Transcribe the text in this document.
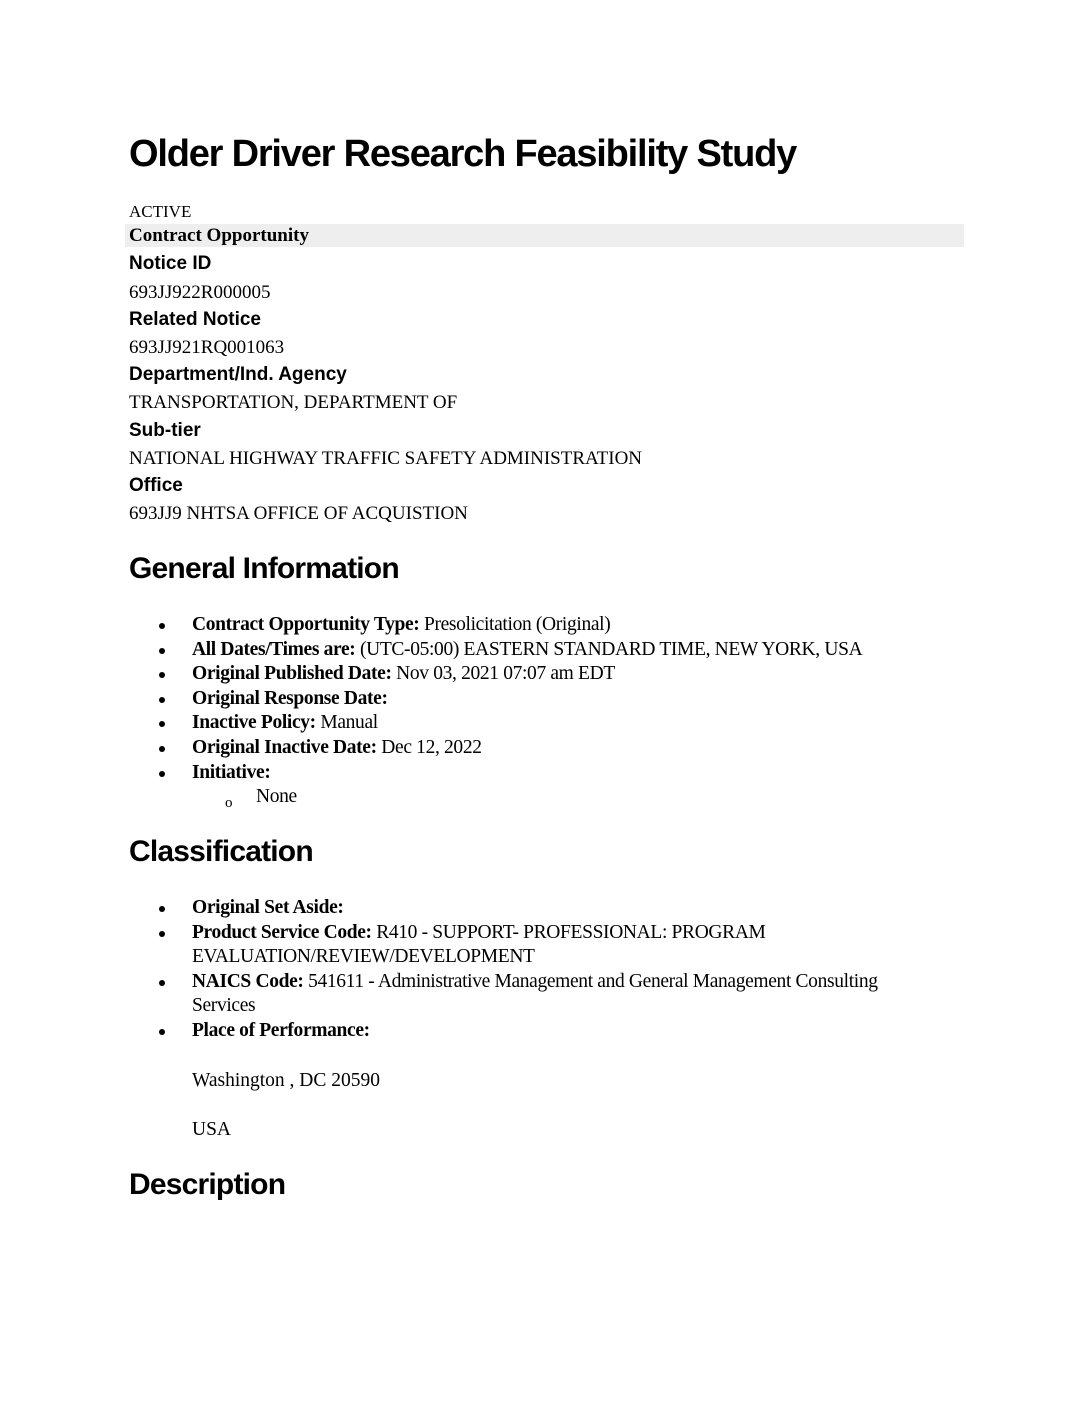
Older Driver Research Feasibility Study
ACTIVE
Contract Opportunity
Notice ID
693JJ922R000005
Related Notice
693JJ921RQ001063
Department/Ind. Agency
TRANSPORTATION, DEPARTMENT OF
Sub-tier
NATIONAL HIGHWAY TRAFFIC SAFETY ADMINISTRATION
Office
693JJ9 NHTSA OFFICE OF ACQUISTION
General Information
Contract Opportunity Type: Presolicitation (Original)
All Dates/Times are: (UTC-05:00) EASTERN STANDARD TIME, NEW YORK, USA
Original Published Date: Nov 03, 2021 07:07 am EDT
Original Response Date:
Inactive Policy: Manual
Original Inactive Date: Dec 12, 2022
Initiative:
o None
Classification
Original Set Aside:
Product Service Code: R410 - SUPPORT- PROFESSIONAL: PROGRAM EVALUATION/REVIEW/DEVELOPMENT
NAICS Code: 541611 - Administrative Management and General Management Consulting Services
Place of Performance:
Washington , DC 20590
USA
Description
